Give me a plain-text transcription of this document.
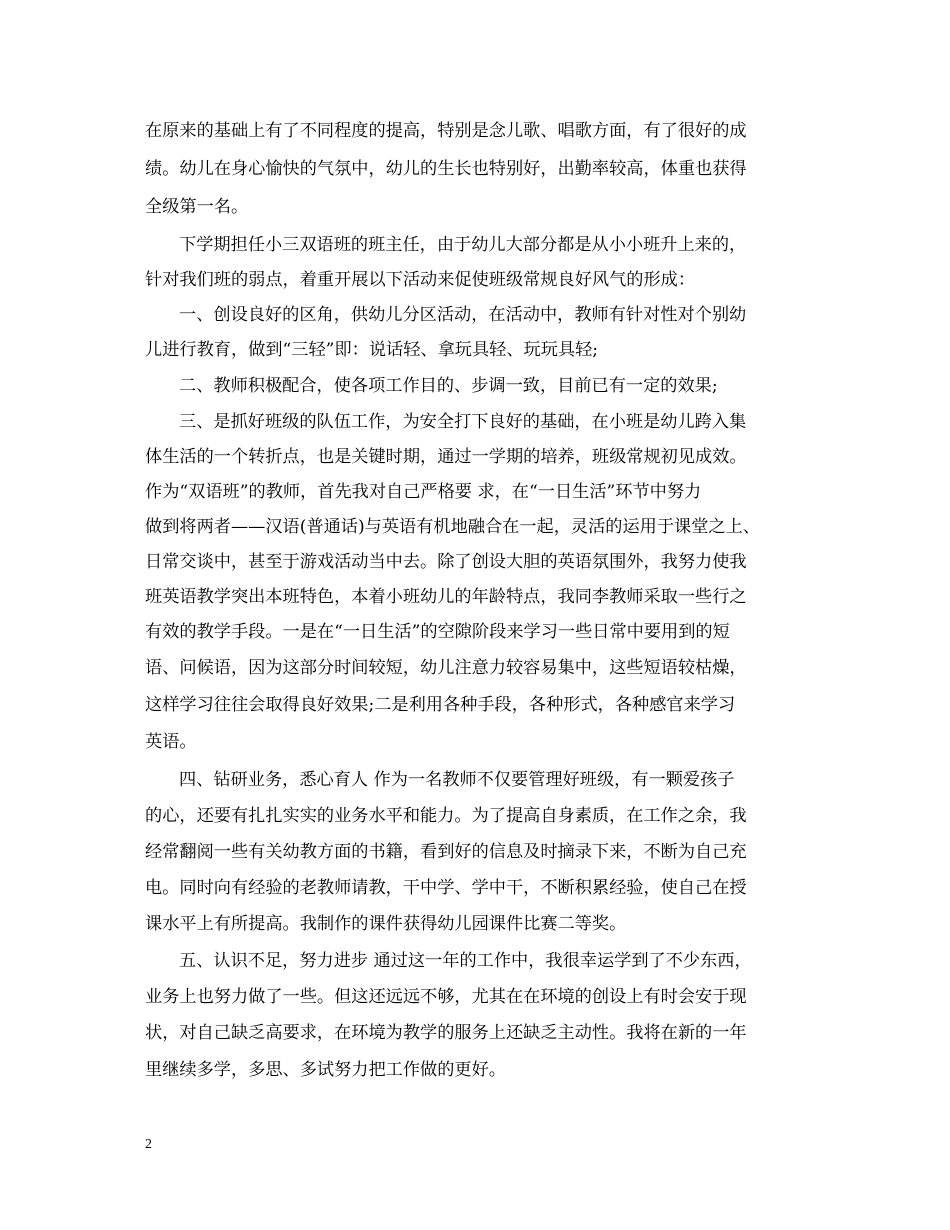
在原来的基础上有了不同程度的提高，特别是念儿歌、唱歌方面，有了很好的成

绩。幼儿在身心愉快的气氛中，幼儿的生长也特别好，出勤率较高，体重也获得

全级第一名。

下学期担任小三双语班的班主任，由于幼儿大部分都是从小小班升上来的，

针对我们班的弱点，着重开展以下活动来促使班级常规良好风气的形成：

一、创设良好的区角，供幼儿分区活动，在活动中，教师有针对性对个别幼

儿进行教育，做到“三轻”即：说话轻、拿玩具轻、玩玩具轻;

二、教师积极配合，使各项工作目的、步调一致，目前已有一定的效果;

三、是抓好班级的队伍工作，为安全打下良好的基础，在小班是幼儿跨入集

体生活的一个转折点，也是关键时期，通过一学期的培养，班级常规初见成效。

作为“双语班”的教师，首先我对自己严格要 求，在“一日生活”环节中努力

做到将两者——汉语(普通话)与英语有机地融合在一起，灵活的运用于课堂之上、

日常交谈中，甚至于游戏活动当中去。除了创设大胆的英语氛围外，我努力使我

班英语教学突出本班特色，本着小班幼儿的年龄特点，我同李教师采取一些行之

有效的教学手段。一是在“一日生活”的空隙阶段来学习一些日常中要用到的短

语、问候语，因为这部分时间较短，幼儿注意力较容易集中，这些短语较枯燥，

这样学习往往会取得良好效果;二是利用各种手段，各种形式，各种感官来学习

英语。

四、钻研业务，悉心育人 作为一名教师不仅要管理好班级，有一颗爱孩子

的心，还要有扎扎实实的业务水平和能力。为了提高自身素质，在工作之余，我

经常翻阅一些有关幼教方面的书籍，看到好的信息及时摘录下来，不断为自己充

电。同时向有经验的老教师请教，干中学、学中干，不断积累经验，使自己在授

课水平上有所提高。我制作的课件获得幼儿园课件比赛二等奖。

五、认识不足，努力进步 通过这一年的工作中，我很幸运学到了不少东西，

业务上也努力做了一些。但这还远远不够，尤其在在环境的创设上有时会安于现

状，对自己缺乏高要求，在环境为教学的服务上还缺乏主动性。我将在新的一年

里继续多学，多思、多试努力把工作做的更好。

2
